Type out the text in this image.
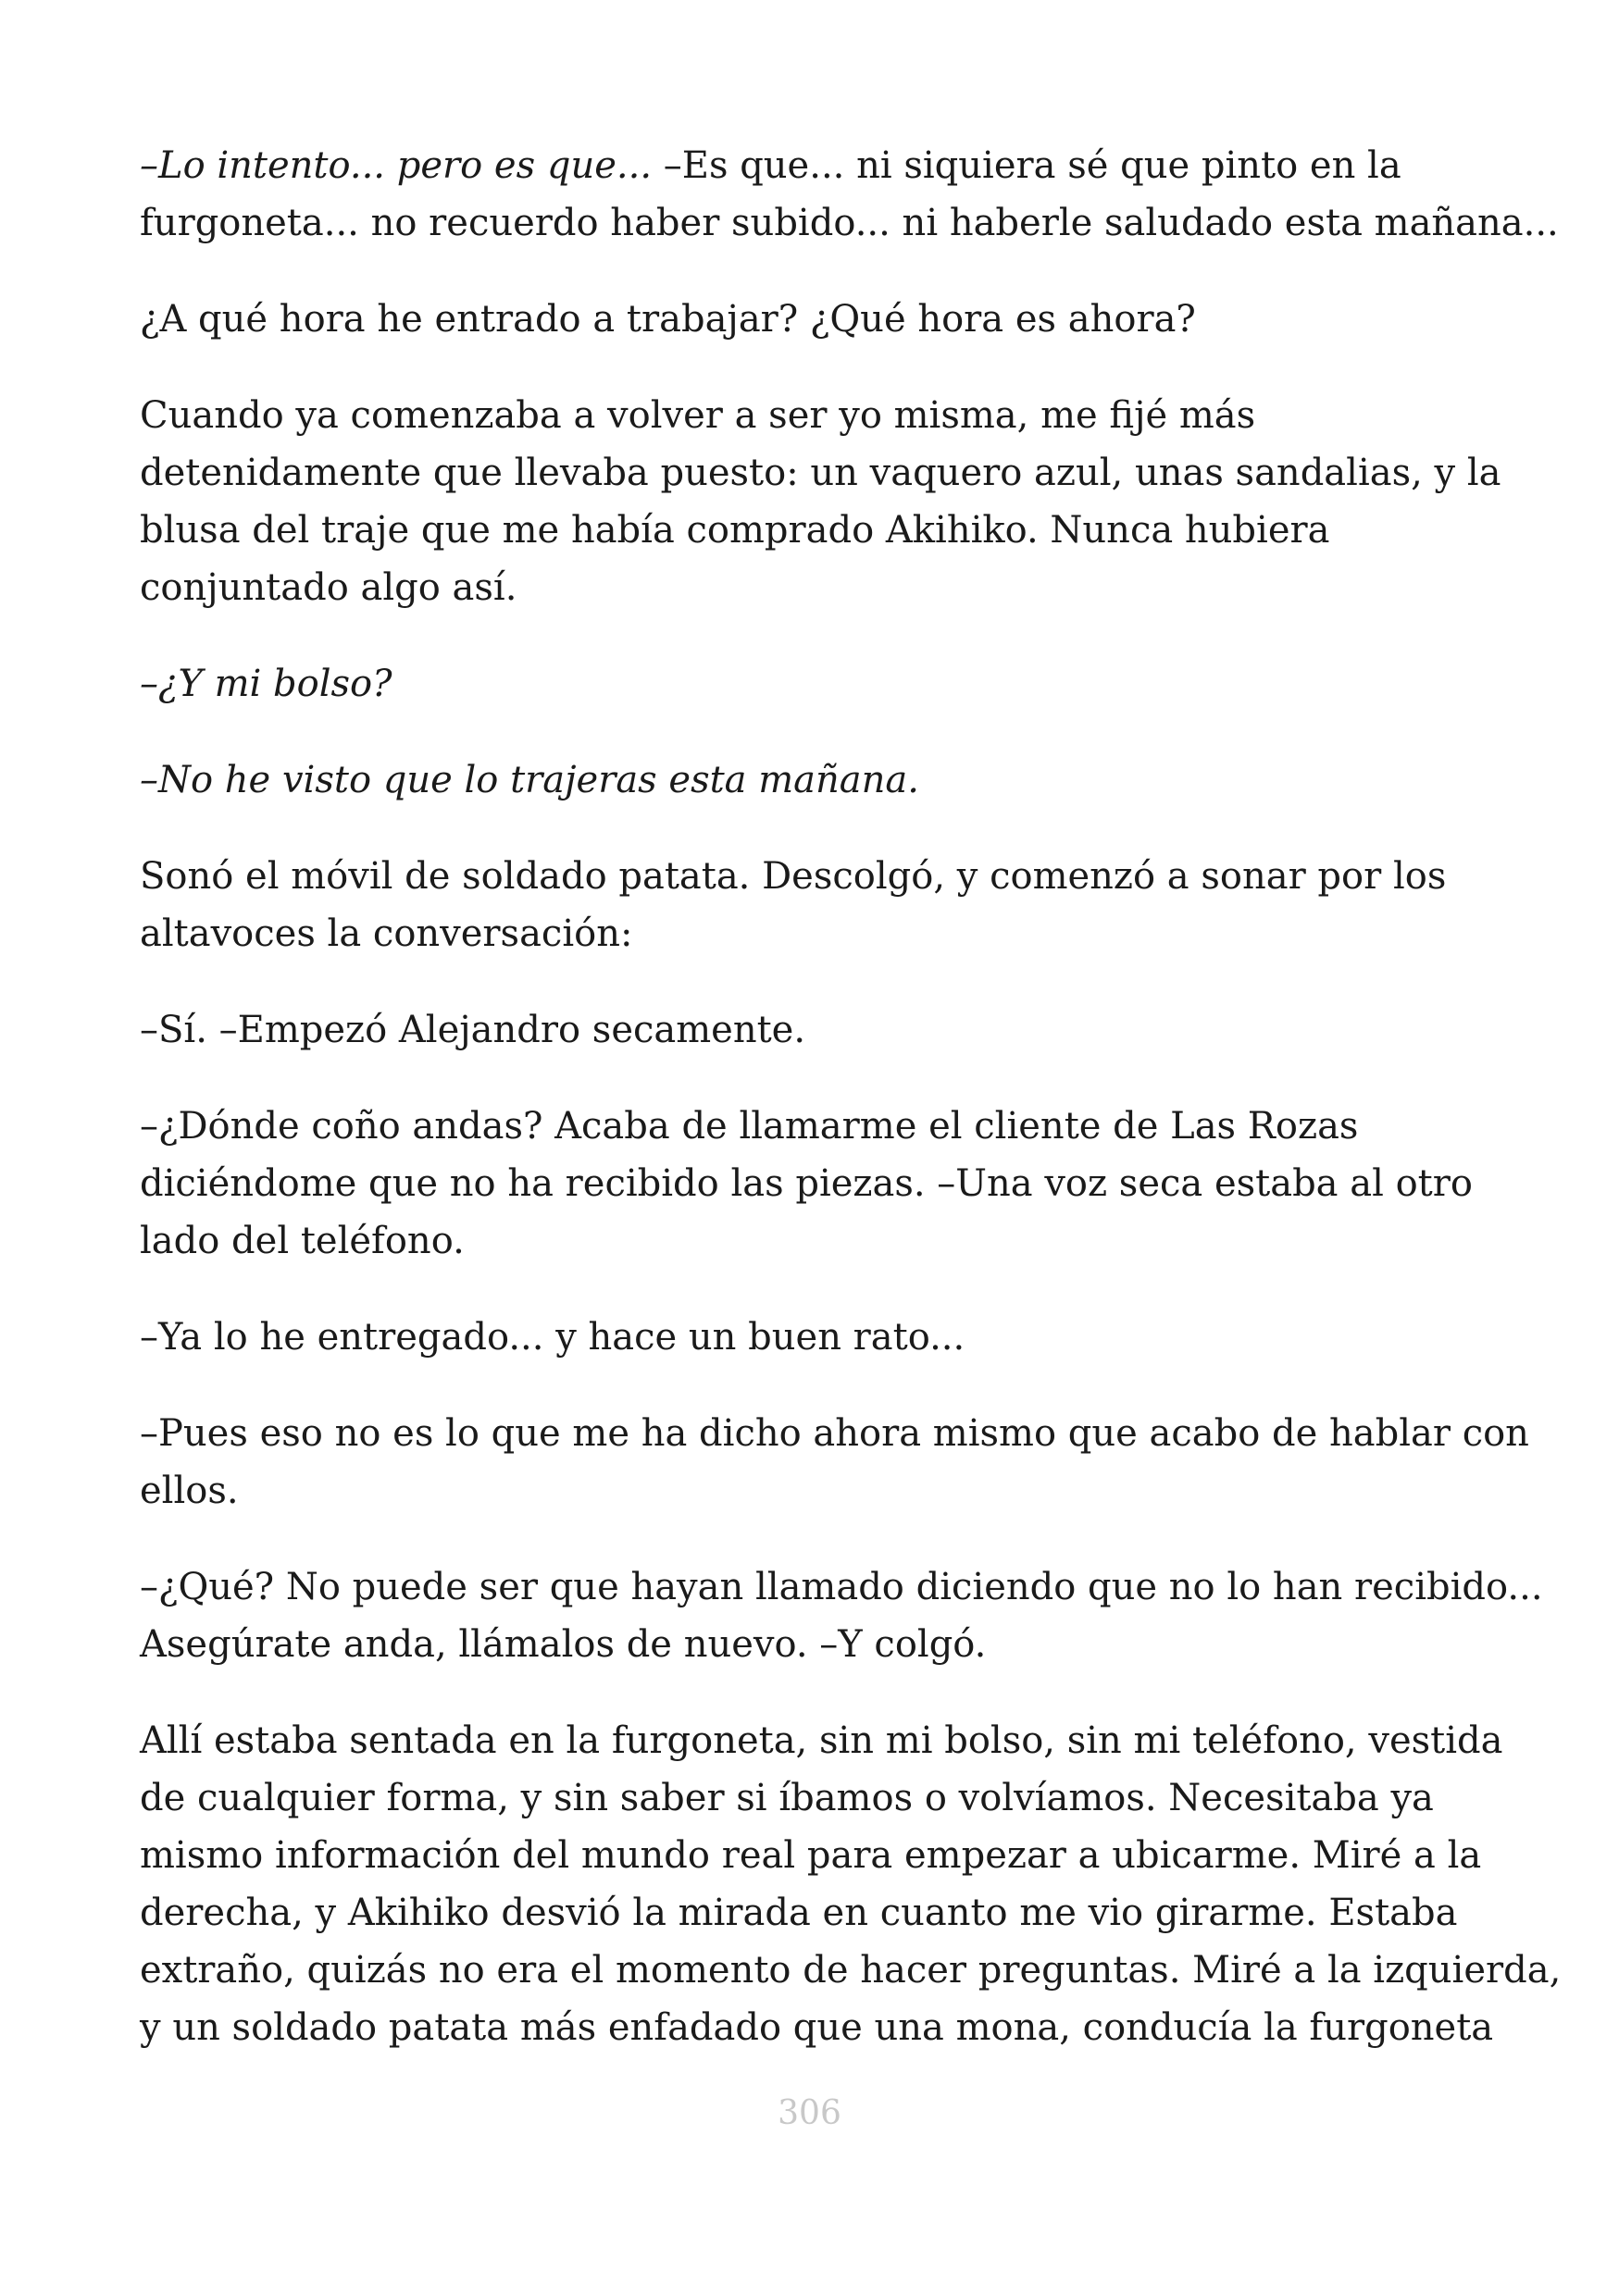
–Lo intento... pero es que... –Es que... ni siquiera sé que pinto en la
furgoneta... no recuerdo haber subido... ni haberle saludado esta mañana...

¿A qué hora he entrado a trabajar? ¿Qué hora es ahora?

Cuando ya comenzaba a volver a ser yo misma, me fijé más
detenidamente que llevaba puesto: un vaquero azul, unas sandalias, y la
blusa del traje que me había comprado Akihiko. Nunca hubiera
conjuntado algo así.

–¿Y mi bolso?

–No he visto que lo trajeras esta mañana.

Sonó el móvil de soldado patata. Descolgó, y comenzó a sonar por los
altavoces la conversación:

–Sí. –Empezó Alejandro secamente.

–¿Dónde coño andas? Acaba de llamarme el cliente de Las Rozas
diciéndome que no ha recibido las piezas. –Una voz seca estaba al otro
lado del teléfono.

–Ya lo he entregado... y hace un buen rato...

–Pues eso no es lo que me ha dicho ahora mismo que acabo de hablar con
ellos.

–¿Qué? No puede ser que hayan llamado diciendo que no lo han recibido...
Asegúrate anda, llámalos de nuevo. –Y colgó.

Allí estaba sentada en la furgoneta, sin mi bolso, sin mi teléfono, vestida
de cualquier forma, y sin saber si íbamos o volvíamos. Necesitaba ya
mismo información del mundo real para empezar a ubicarme. Miré a la
derecha, y Akihiko desvió la mirada en cuanto me vio girarme. Estaba
extraño, quizás no era el momento de hacer preguntas. Miré a la izquierda,
y un soldado patata más enfadado que una mona, conducía la furgoneta

306
